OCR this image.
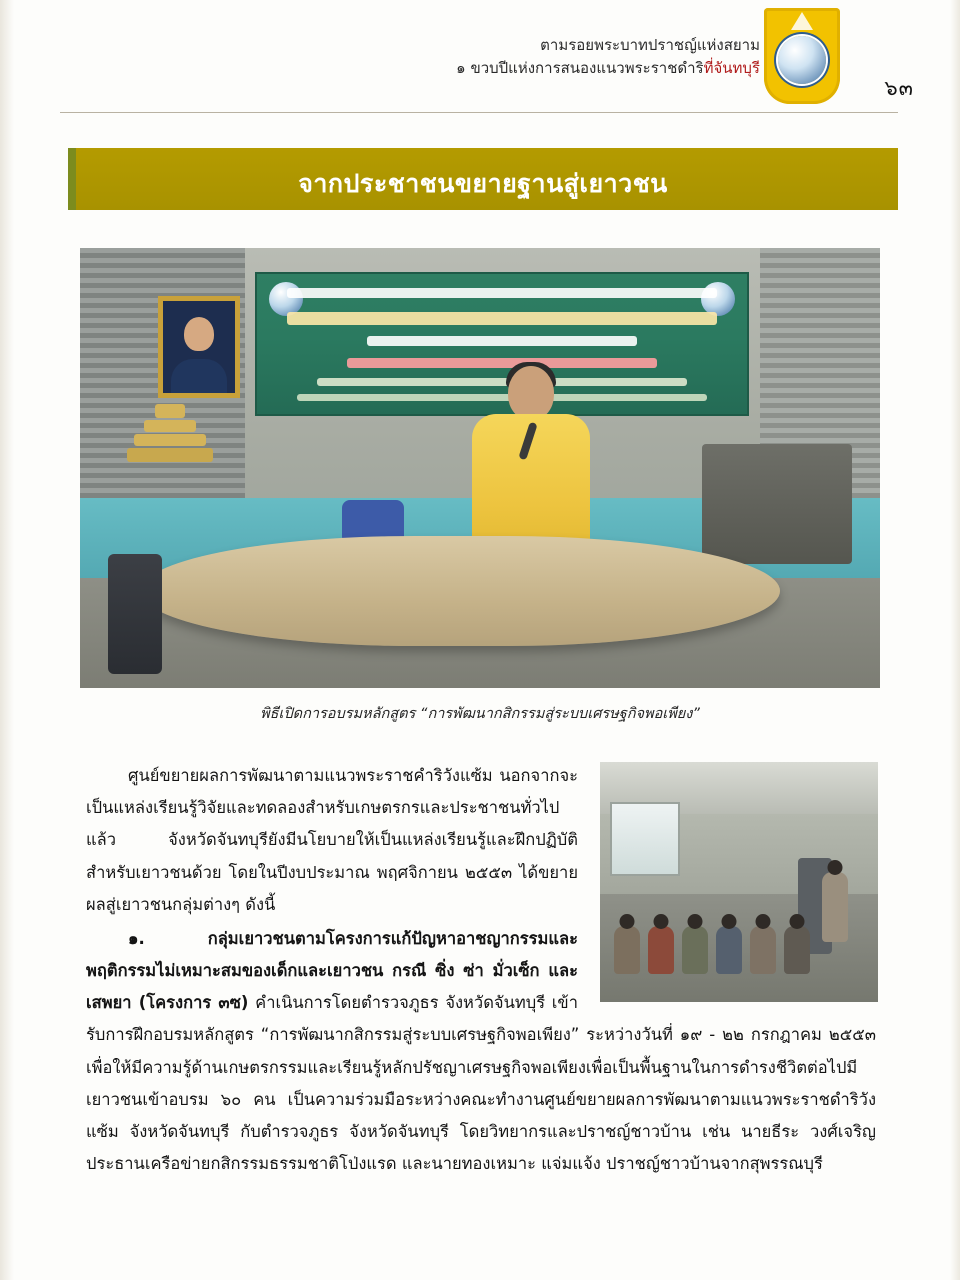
ตามรอยพระบาทปราชญ์แห่งสยาม
๑ ขวบปีแห่งการสนองแนวพระราชดำริที่จันทบุรี
๖๓
จากประชาชนขยายฐานสู่เยาวชน
พิธีเปิดการอบรมหลักสูตร “การพัฒนากสิกรรมสู่ระบบเศรษฐกิจพอเพียง”

ศูนย์ขยายผลการพัฒนาตามแนวพระราชคำริวังแซ้ม นอกจากจะเป็นแหล่งเรียนรู้วิจัยและทดลองสำหรับเกษตรกรและประชาชนทั่วไปแล้ว จังหวัดจันทบุรียังมีนโยบายให้เป็นแหล่งเรียนรู้และฝึกปฏิบัติสำหรับเยาวชนด้วย โดยในปีงบประมาณ พฤศจิกายน ๒๕๕๓ ได้ขยายผลสู่เยาวชนกลุ่มต่างๆ ดังนี้

๑. กลุ่มเยาวชนตามโครงการแก้ปัญหาอาชญากรรมและพฤติกรรมไม่เหมาะสมของเด็กและเยาวชน กรณี ซิ่ง ซ่า มั่วเซ็ก และเสพยา (โครงการ ๓ซ) คำเนินการโดยตำรวจภูธร จังหวัดจันทบุรี เข้ารับการฝึกอบรมหลักสูตร “การพัฒนากสิกรรมสู่ระบบเศรษฐกิจพอเพียง” ระหว่างวันที่ ๑๙ - ๒๒ กรกฎาคม ๒๕๕๓ เพื่อให้มีความรู้ด้านเกษตรกรรมและเรียนรู้หลักปรัชญาเศรษฐกิจพอเพียงเพื่อเป็นพื้นฐานในการดำรงชีวิตต่อไปมีเยาวชนเข้าอบรม ๖๐ คน เป็นความร่วมมือระหว่างคณะทำงานศูนย์ขยายผลการพัฒนาตามแนวพระราชดำริวังแซ้ม จังหวัดจันทบุรี กับตำรวจภูธร จังหวัดจันทบุรี โดยวิทยากรและปราชญ์ชาวบ้าน เช่น นายธีระ วงศ์เจริญ ประธานเครือข่ายกสิกรรมธรรมชาติโป่งแรด และนายทองเหมาะ แจ่มแจ้ง ปราชญ์ชาวบ้านจากสุพรรณบุรี
